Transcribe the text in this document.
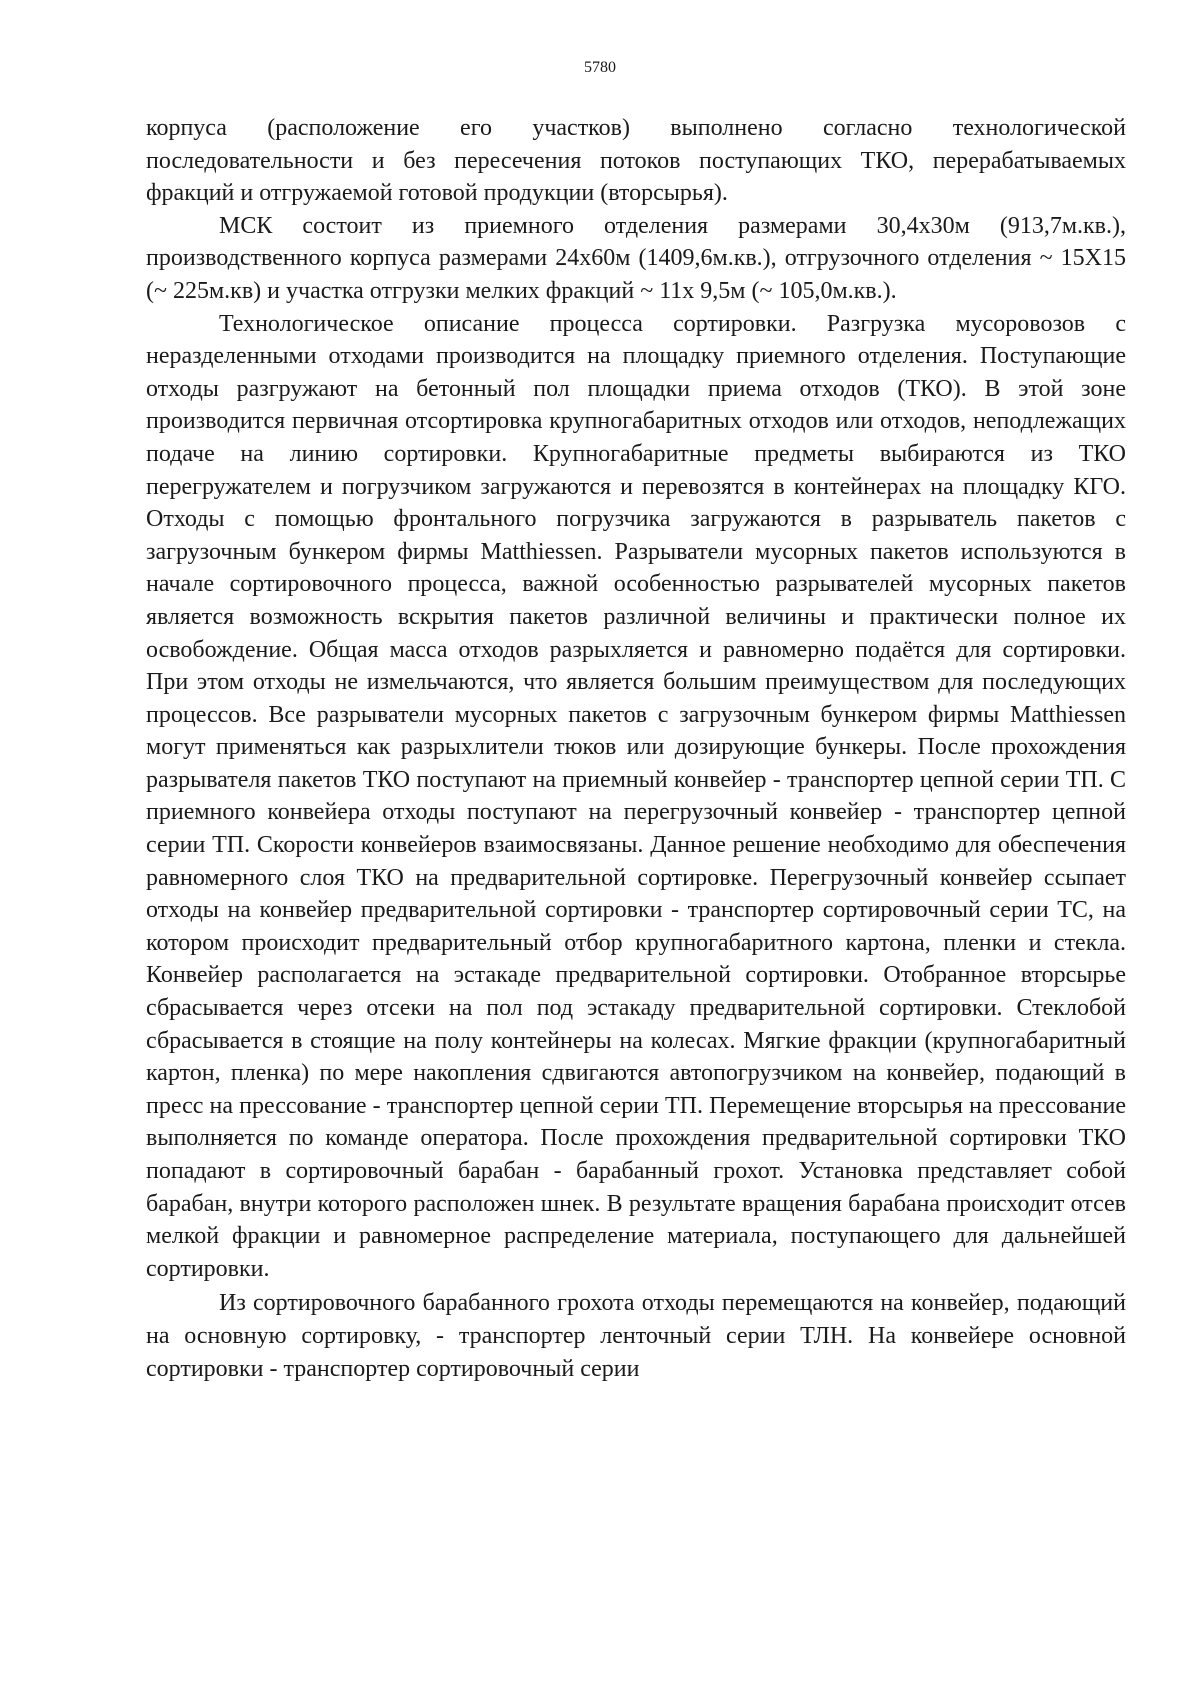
5780

корпуса (расположение его участков) выполнено согласно технологической последовательности и без пересечения потоков поступающих ТКО, перерабатываемых фракций и отгружаемой готовой продукции (вторсырья).

МСК состоит из приемного отделения размерами 30,4х30м (913,7м.кв.), производственного корпуса размерами 24х60м (1409,6м.кв.), отгрузочного отделения ~ 15Х15 (~ 225м.кв) и участка отгрузки мелких фракций ~ 11х 9,5м (~ 105,0м.кв.).

Технологическое описание процесса сортировки. Разгрузка мусоровозов с неразделенными отходами производится на площадку приемного отделения. Поступающие отходы разгружают на бетонный пол площадки приема отходов (ТКО). В этой зоне производится первичная отсортировка крупногабаритных отходов или отходов, неподлежащих подаче на линию сортировки. Крупногабаритные предметы выбираются из ТКО перегружателем и погрузчиком загружаются и перевозятся в контейнерах на площадку КГО. Отходы с помощью фронтального погрузчика загружаются в разрыватель пакетов с загрузочным бункером фирмы Matthiessen. Разрыватели мусорных пакетов используются в начале сортировочного процесса, важной особенностью разрывателей мусорных пакетов является возможность вскрытия пакетов различной величины и практически полное их освобождение. Общая масса отходов разрыхляется и равномерно подаётся для сортировки. При этом отходы не измельчаются, что является большим преимуществом для последующих процессов. Все разрыватели мусорных пакетов с загрузочным бункером фирмы Matthiessen могут применяться как разрыхлители тюков или дозирующие бункеры. После прохождения разрывателя пакетов ТКО поступают на приемный конвейер - транспортер цепной серии ТП. С приемного конвейера отходы поступают на перегрузочный конвейер - транспортер цепной серии ТП. Скорости конвейеров взаимосвязаны. Данное решение необходимо для обеспечения равномерного слоя ТКО на предварительной сортировке. Перегрузочный конвейер ссыпает отходы на конвейер предварительной сортировки - транспортер сортировочный серии ТС, на котором происходит предварительный отбор крупногабаритного картона, пленки и стекла. Конвейер располагается на эстакаде предварительной сортировки. Отобранное вторсырье сбрасывается через отсеки на пол под эстакаду предварительной сортировки. Стеклобой сбрасывается в стоящие на полу контейнеры на колесах. Мягкие фракции (крупногабаритный картон, пленка) по мере накопления сдвигаются автопогрузчиком на конвейер, подающий в пресс на прессование - транспортер цепной серии ТП. Перемещение вторсырья на прессование выполняется по команде оператора. После прохождения предварительной сортировки ТКО попадают в сортировочный барабан - барабанный грохот. Установка представляет собой барабан, внутри которого расположен шнек. В результате вращения барабана происходит отсев мелкой фракции и равномерное распределение материала, поступающего для дальнейшей сортировки.

Из сортировочного барабанного грохота отходы перемещаются на конвейер, подающий на основную сортировку, - транспортер ленточный серии ТЛН. На конвейере основной сортировки - транспортер сортировочный серии
